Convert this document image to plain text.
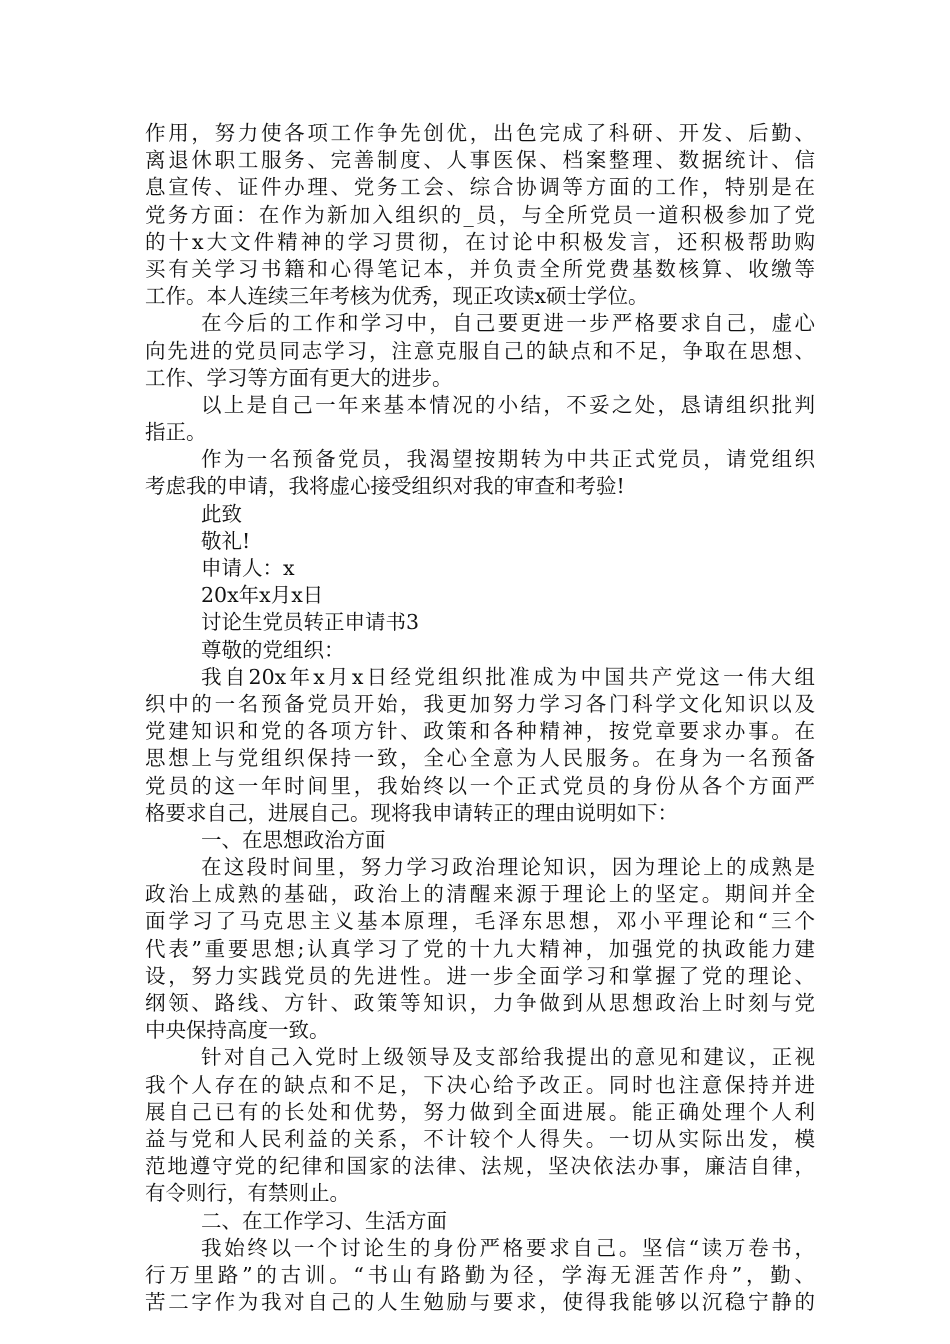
作用，努力使各项工作争先创优，出色完成了科研、开发、后勤、
离退休职工服务、完善制度、人事医保、档案整理、数据统计、信
息宣传、证件办理、党务工会、综合协调等方面的工作，特别是在
党务方面：在作为新加入组织的_员，与全所党员一道积极参加了党
的十x大文件精神的学习贯彻，在讨论中积极发言，还积极帮助购
买有关学习书籍和心得笔记本，并负责全所党费基数核算、收缴等
工作。本人连续三年考核为优秀，现正攻读x硕士学位。
在今后的工作和学习中，自己要更进一步严格要求自己，虚心
向先进的党员同志学习，注意克服自己的缺点和不足，争取在思想、
工作、学习等方面有更大的进步。
以上是自己一年来基本情况的小结，不妥之处，恳请组织批判
指正。
作为一名预备党员，我渴望按期转为中共正式党员，请党组织
考虑我的申请，我将虚心接受组织对我的审查和考验!
此致
敬礼!
申请人：x
20x年x月x日
讨论生党员转正申请书3
尊敬的党组织：
我自20x年x月x日经党组织批准成为中国共产党这一伟大组
织中的一名预备党员开始，我更加努力学习各门科学文化知识以及
党建知识和党的各项方针、政策和各种精神，按党章要求办事。在
思想上与党组织保持一致，全心全意为人民服务。在身为一名预备
党员的这一年时间里，我始终以一个正式党员的身份从各个方面严
格要求自己，进展自己。现将我申请转正的理由说明如下：
一、在思想政治方面
在这段时间里，努力学习政治理论知识，因为理论上的成熟是
政治上成熟的基础，政治上的清醒来源于理论上的坚定。期间并全
面学习了马克思主义基本原理，毛泽东思想，邓小平理论和“三个
代表”重要思想;认真学习了党的十九大精神，加强党的执政能力建
设，努力实践党员的先进性。进一步全面学习和掌握了党的理论、
纲领、路线、方针、政策等知识，力争做到从思想政治上时刻与党
中央保持高度一致。
针对自己入党时上级领导及支部给我提出的意见和建议，正视
我个人存在的缺点和不足，下决心给予改正。同时也注意保持并进
展自己已有的长处和优势，努力做到全面进展。能正确处理个人利
益与党和人民利益的关系，不计较个人得失。一切从实际出发，模
范地遵守党的纪律和国家的法律、法规，坚决依法办事，廉洁自律，
有令则行，有禁则止。
二、在工作学习、生活方面
我始终以一个讨论生的身份严格要求自己。坚信“读万卷书，
行万里路”的古训。“书山有路勤为径，学海无涯苦作舟”，勤、
苦二字作为我对自己的人生勉励与要求，使得我能够以沉稳宁静的
